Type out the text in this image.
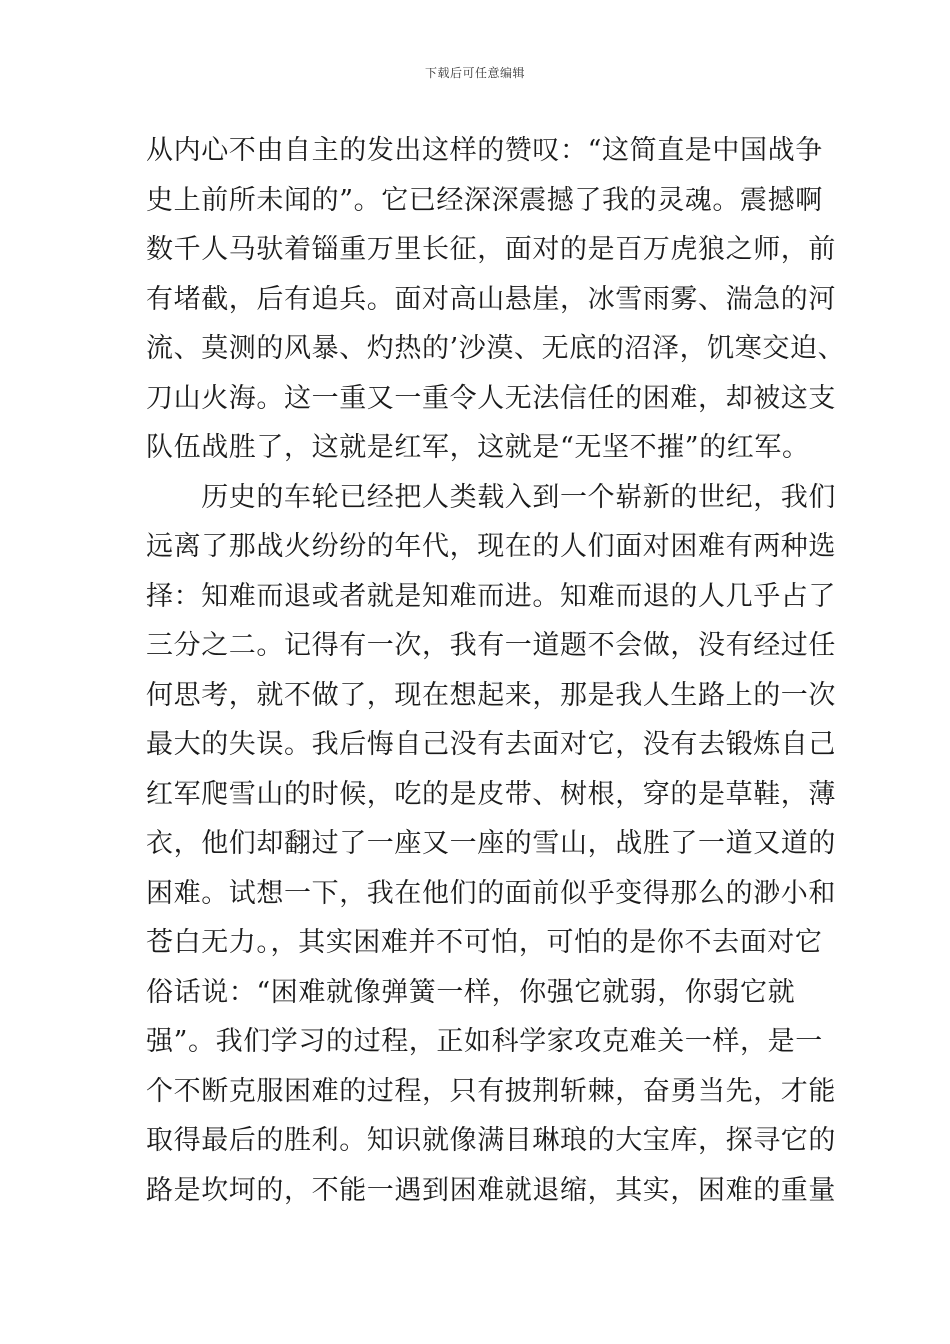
下载后可任意编辑
从内心不由自主的发出这样的赞叹：“这简直是中国战争
史上前所未闻的”。它已经深深震撼了我的灵魂。震撼啊
数千人马驮着锱重万里长征，面对的是百万虎狼之师，前
有堵截，后有追兵。面对高山悬崖，冰雪雨雾、湍急的河
流、莫测的风暴、灼热的’沙漠、无底的沼泽，饥寒交迫、
刀山火海。这一重又一重令人无法信任的困难，却被这支
队伍战胜了，这就是红军，这就是“无坚不摧”的红军。
　　历史的车轮已经把人类载入到一个崭新的世纪，我们
远离了那战火纷纷的年代，现在的人们面对困难有两种选
择：知难而退或者就是知难而进。知难而退的人几乎占了
三分之二。记得有一次，我有一道题不会做，没有经过任
何思考，就不做了，现在想起来，那是我人生路上的一次
最大的失误。我后悔自己没有去面对它，没有去锻炼自己
红军爬雪山的时候，吃的是皮带、树根，穿的是草鞋，薄
衣，他们却翻过了一座又一座的雪山，战胜了一道又道的
困难。试想一下，我在他们的面前似乎变得那么的渺小和
苍白无力。，其实困难并不可怕，可怕的是你不去面对它
俗话说：“困难就像弹簧一样，你强它就弱，你弱它就
强”。我们学习的过程，正如科学家攻克难关一样，是一
个不断克服困难的过程，只有披荆斩棘，奋勇当先，才能
取得最后的胜利。知识就像满目琳琅的大宝库，探寻它的
路是坎坷的，不能一遇到困难就退缩，其实，困难的重量
